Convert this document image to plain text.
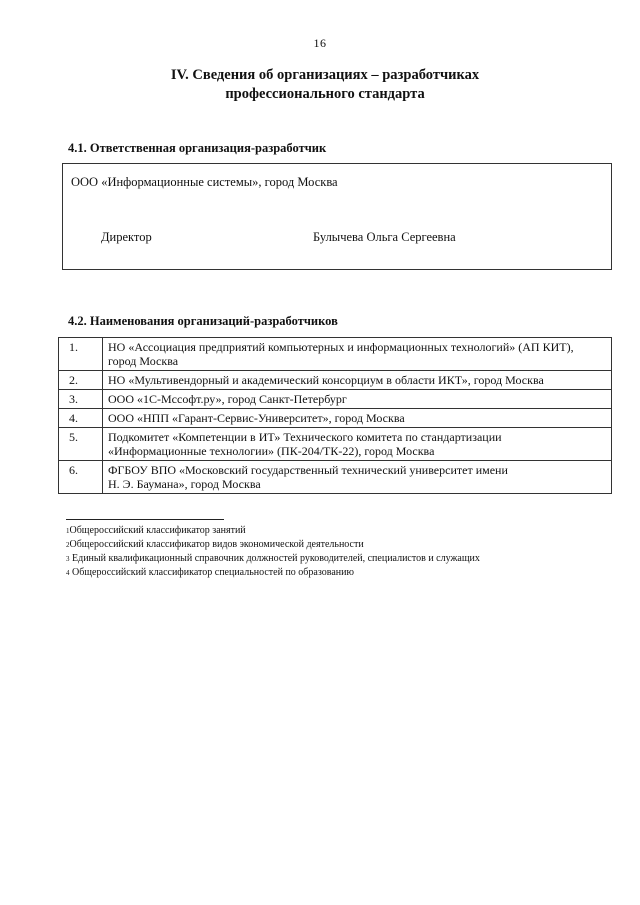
16
IV. Сведения об организациях – разработчиках
профессионального стандарта
4.1. Ответственная организация-разработчик
ООО «Информационные системы», город Москва
Директор	Булычева Ольга Сергеевна
4.2. Наименования организаций-разработчиков
1.	НО «Ассоциация предприятий компьютерных и информационных технологий» (АП КИТ),
город Москва

2.	НО «Мультивендорный и академический консорциум в области ИКТ», город Москва

3.	ООО «1С-Мссофт.ру», город Санкт-Петербург

4.	ООО «НПП «Гарант-Сервис-Университет», город Москва

5.	Подкомитет «Компетенции в ИТ» Технического комитета по стандартизации
«Информационные технологии» (ПК-204/ТК-22), город Москва

6.	ФГБОУ ВПО «Московский государственный технический университет имени
Н. Э. Баумана», город Москва
$^1$Общероссийский классификатор занятий
$^2$Общероссийский классификатор видов экономической деятельности
$^3$ Единый квалификационный справочник должностей руководителей, специалистов и служащих
$^4$ Общероссийский классификатор специальностей по образованию
